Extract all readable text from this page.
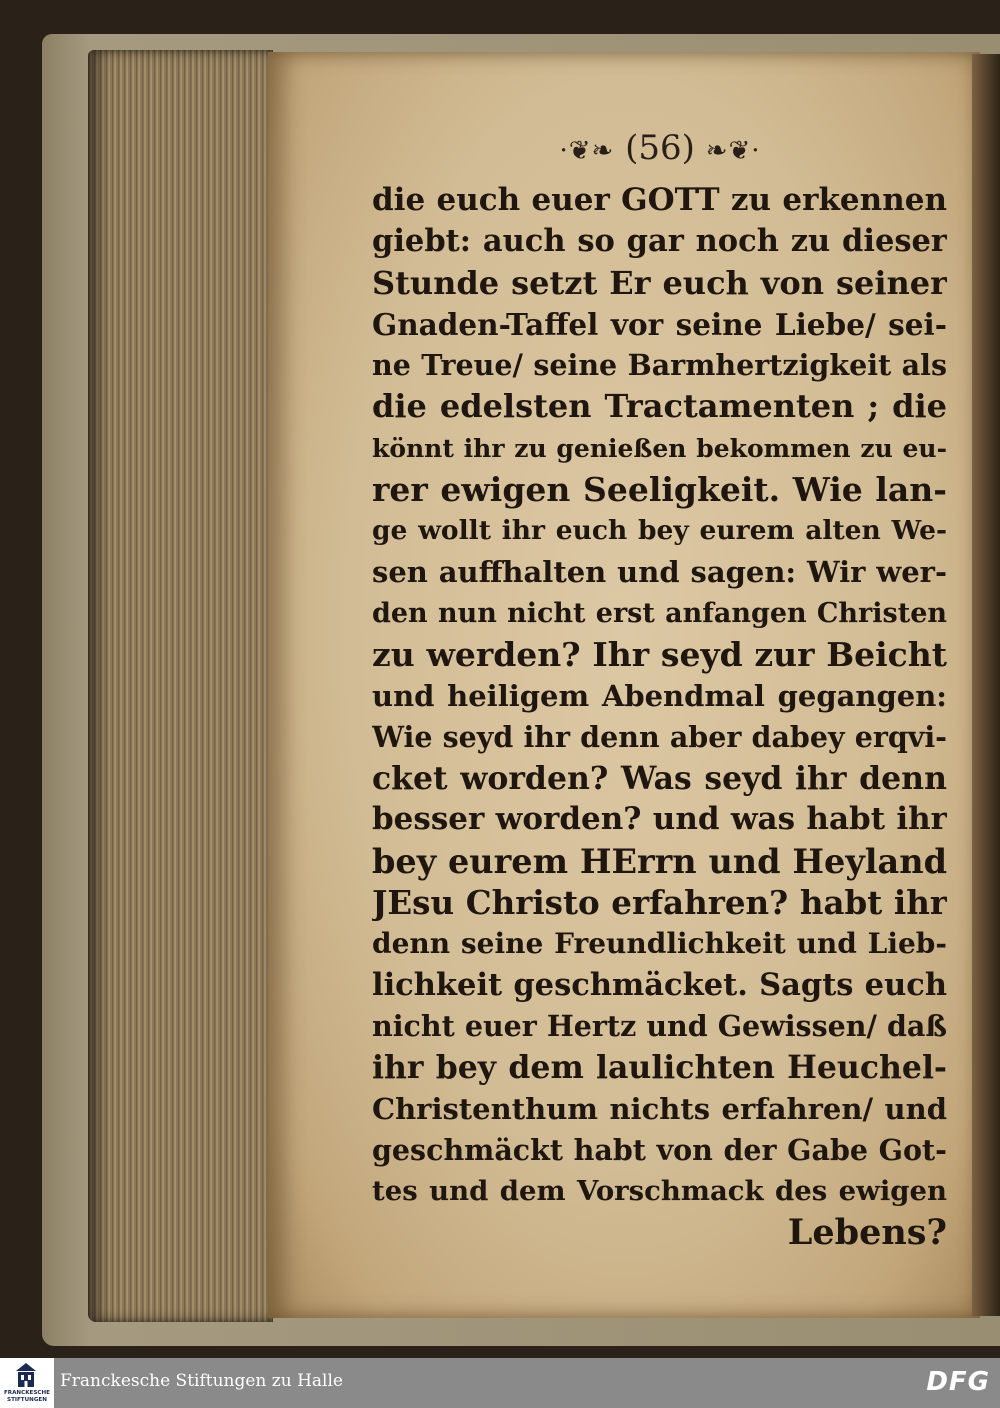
·❦❧ (56) ❧❦·
die euch euer GOTT zu erkennen
giebt: auch so gar noch zu dieser
Stunde setzt Er euch von seiner
Gnaden-Taffel vor seine Liebe/ sei-
ne Treue/ seine Barmhertzigkeit als
die edelsten Tractamenten ; die
könnt ihr zu genießen bekommen zu eu-
rer ewigen Seeligkeit. Wie lan-
ge wollt ihr euch bey eurem alten We-
sen auffhalten und sagen: Wir wer-
den nun nicht erst anfangen Christen
zu werden? Ihr seyd zur Beicht
und heiligem Abendmal gegangen:
Wie seyd ihr denn aber dabey erqvi-
cket worden? Was seyd ihr denn
besser worden? und was habt ihr
bey eurem HErrn und Heyland
JEsu Christo erfahren? habt ihr
denn seine Freundlichkeit und Lieb-
lichkeit geschmäcket. Sagts euch
nicht euer Hertz und Gewissen/ daß
ihr bey dem laulichten Heuchel-
Christenthum nichts erfahren/ und
geschmäckt habt von der Gabe Got-
tes und dem Vorschmack des ewigen
Lebens?
FRANCKESCHE
STIFTUNGEN
Franckesche Stiftungen zu Halle	DFG
